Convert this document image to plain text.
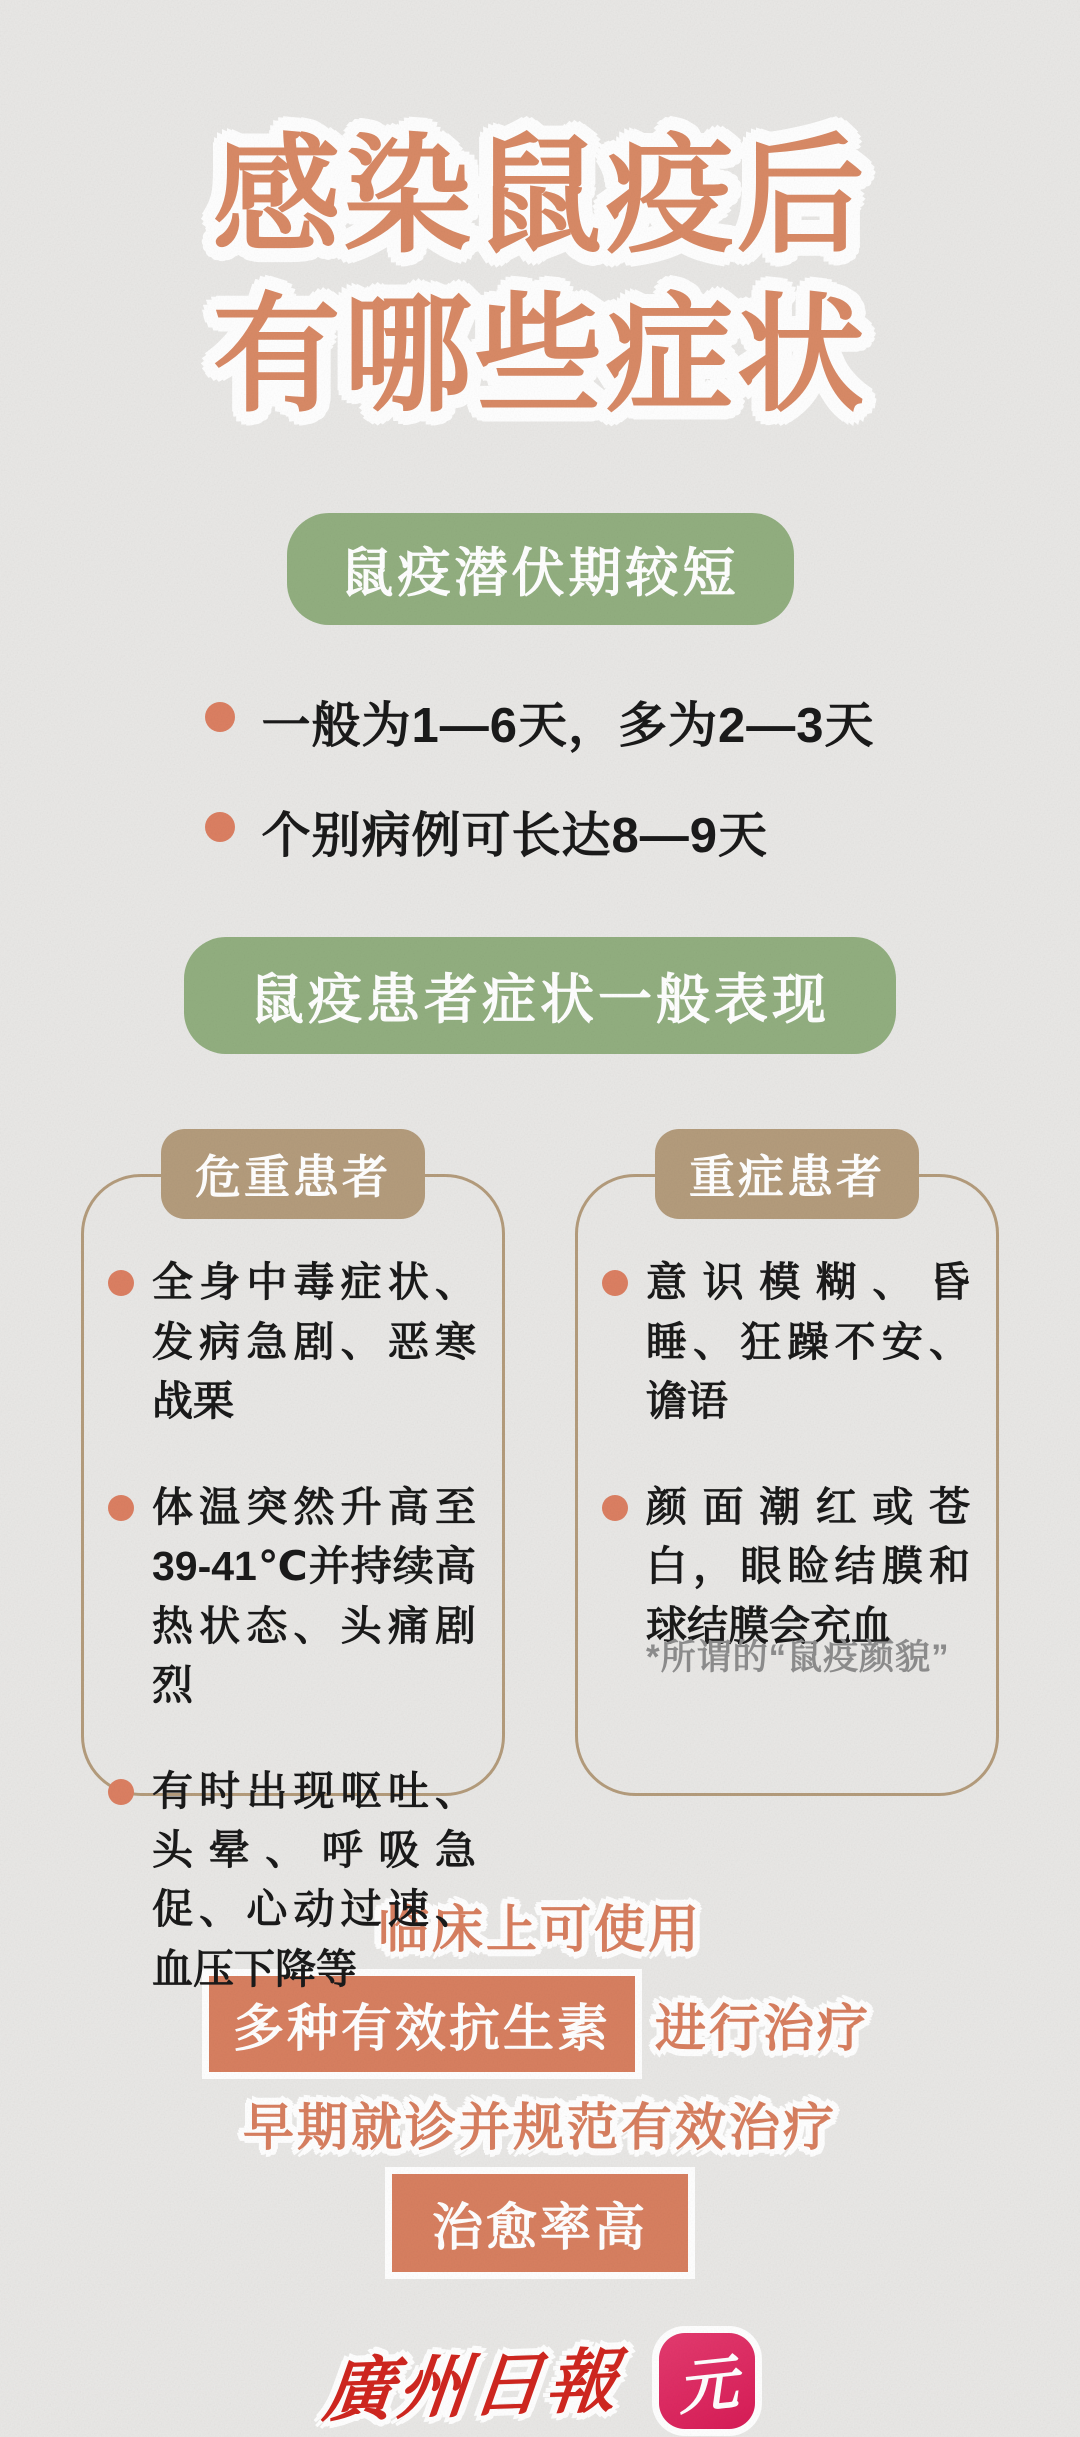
感染鼠疫后
有哪些症状
鼠疫潜伏期较短
一般为1—6天，多为2—3天
个别病例可长达8—9天
鼠疫患者症状一般表现
危重患者
全身中毒症状、发病急剧、恶寒战栗
体温突然升高至39-41℃并持续高热状态、头痛剧烈
有时出现呕吐、头晕、呼吸急促、心动过速、血压下降等
重症患者
意识模糊、昏睡、狂躁不安、谵语
颜面潮红或苍白，眼睑结膜和球结膜会充血

*所谓的“鼠疫颜貌”

临床上可使用
多种有效抗生素 进行治疗
早期就诊并规范有效治疗
治愈率高
廣州日報 元
